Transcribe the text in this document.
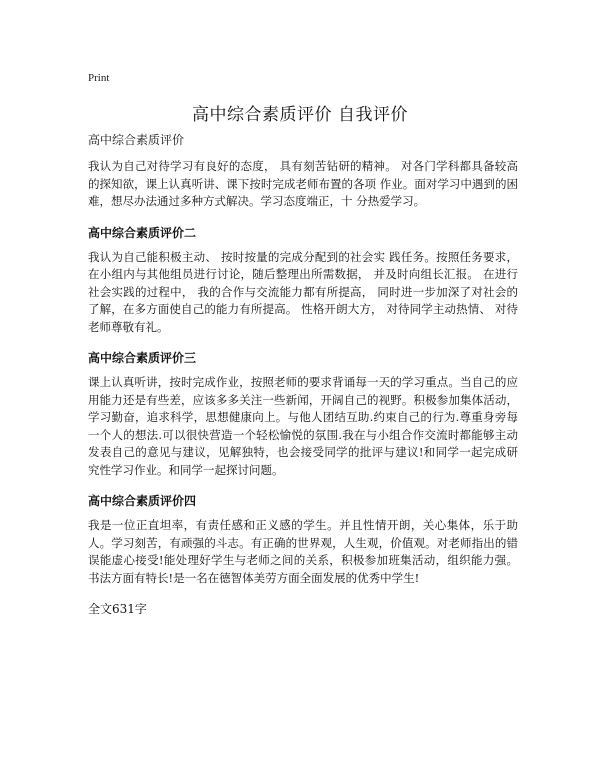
Print
高中综合素质评价 自我评价

高中综合素质评价

我认为自己对待学习有良好的态度， 具有刻苦钻研的精神。 对各门学科都具备较高的探知欲，课上认真听讲、课下按时完成老师布置的各项 作业。面对学习中遇到的困难，想尽办法通过多种方式解决。学习态度端正，十 分热爱学习。

高中综合素质评价二

我认为自己能积极主动、 按时按量的完成分配到的社会实 践任务。按照任务要求，在小组内与其他组员进行讨论，随后整理出所需数据， 并及时向组长汇报。 在进行社会实践的过程中， 我的合作与交流能力都有所提高， 同时进一步加深了对社会的了解，在多方面使自己的能力有所提高。 性格开朗大方， 对待同学主动热情、 对待老师尊敬有礼。

高中综合素质评价三

课上认真听讲，按时完成作业，按照老师的要求背诵每一天的学习重点。当自己的应用能力还是有些差，应该多多关注一些新闻，开阔自己的视野。积极参加集体活动，学习勤奋，追求科学，思想健康向上。与他人团结互助.约束自己的行为.尊重身旁每一个人的想法.可以很快营造一个轻松愉悦的氛围.我在与小组合作交流时都能够主动发表自己的意见与建议，见解独特，也会接受同学的批评与建议!和同学一起完成研究性学习作业。和同学一起探讨问题。

高中综合素质评价四

我是一位正直坦率，有责任感和正义感的学生。并且性情开朗，关心集体，乐于助人。学习刻苦，有顽强的斗志。有正确的世界观，人生观，价值观。对老师指出的错误能虚心接受!能处理好学生与老师之间的关系，积极参加班集活动，组织能力强。书法方面有特长!是一名在德智体美劳方面全面发展的优秀中学生!

全文631字
